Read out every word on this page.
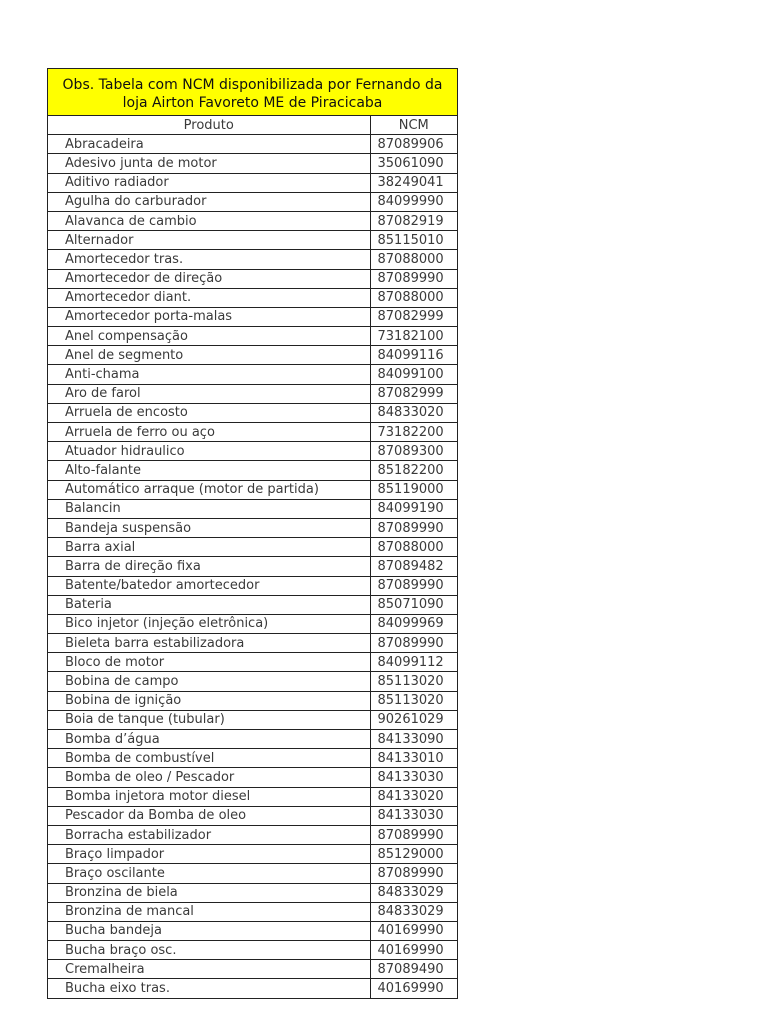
Obs. Tabela com NCM disponibilizada por Fernando da
loja Airton Favoreto ME de Piracicaba
Produto	NCM
Abracadeira	87089906
Adesivo junta de motor	35061090
Aditivo radiador	38249041
Agulha do carburador	84099990
Alavanca de cambio	87082919
Alternador	85115010
Amortecedor tras.	87088000
Amortecedor de direção	87089990
Amortecedor diant.	87088000
Amortecedor porta-malas	87082999
Anel compensação	73182100
Anel de segmento	84099116
Anti-chama	84099100
Aro de farol	87082999
Arruela de encosto	84833020
Arruela de ferro ou aço	73182200
Atuador hidraulico	87089300
Alto-falante	85182200
Automático arraque (motor de partida)	85119000
Balancin	84099190
Bandeja suspensão	87089990
Barra axial	87088000
Barra de direção fixa	87089482
Batente/batedor amortecedor	87089990
Bateria	85071090
Bico injetor (injeção eletrônica)	84099969
Bieleta barra estabilizadora	87089990
Bloco de motor	84099112
Bobina de campo	85113020
Bobina de ignição	85113020
Boia de tanque (tubular)	90261029
Bomba d’água	84133090
Bomba de combustível	84133010
Bomba de oleo / Pescador	84133030
Bomba injetora motor diesel	84133020
Pescador da Bomba de oleo	84133030
Borracha estabilizador	87089990
Braço limpador	85129000
Braço oscilante	87089990
Bronzina de biela	84833029
Bronzina de mancal	84833029
Bucha bandeja	40169990
Bucha braço osc.	40169990
Cremalheira	87089490
Bucha eixo tras.	40169990
